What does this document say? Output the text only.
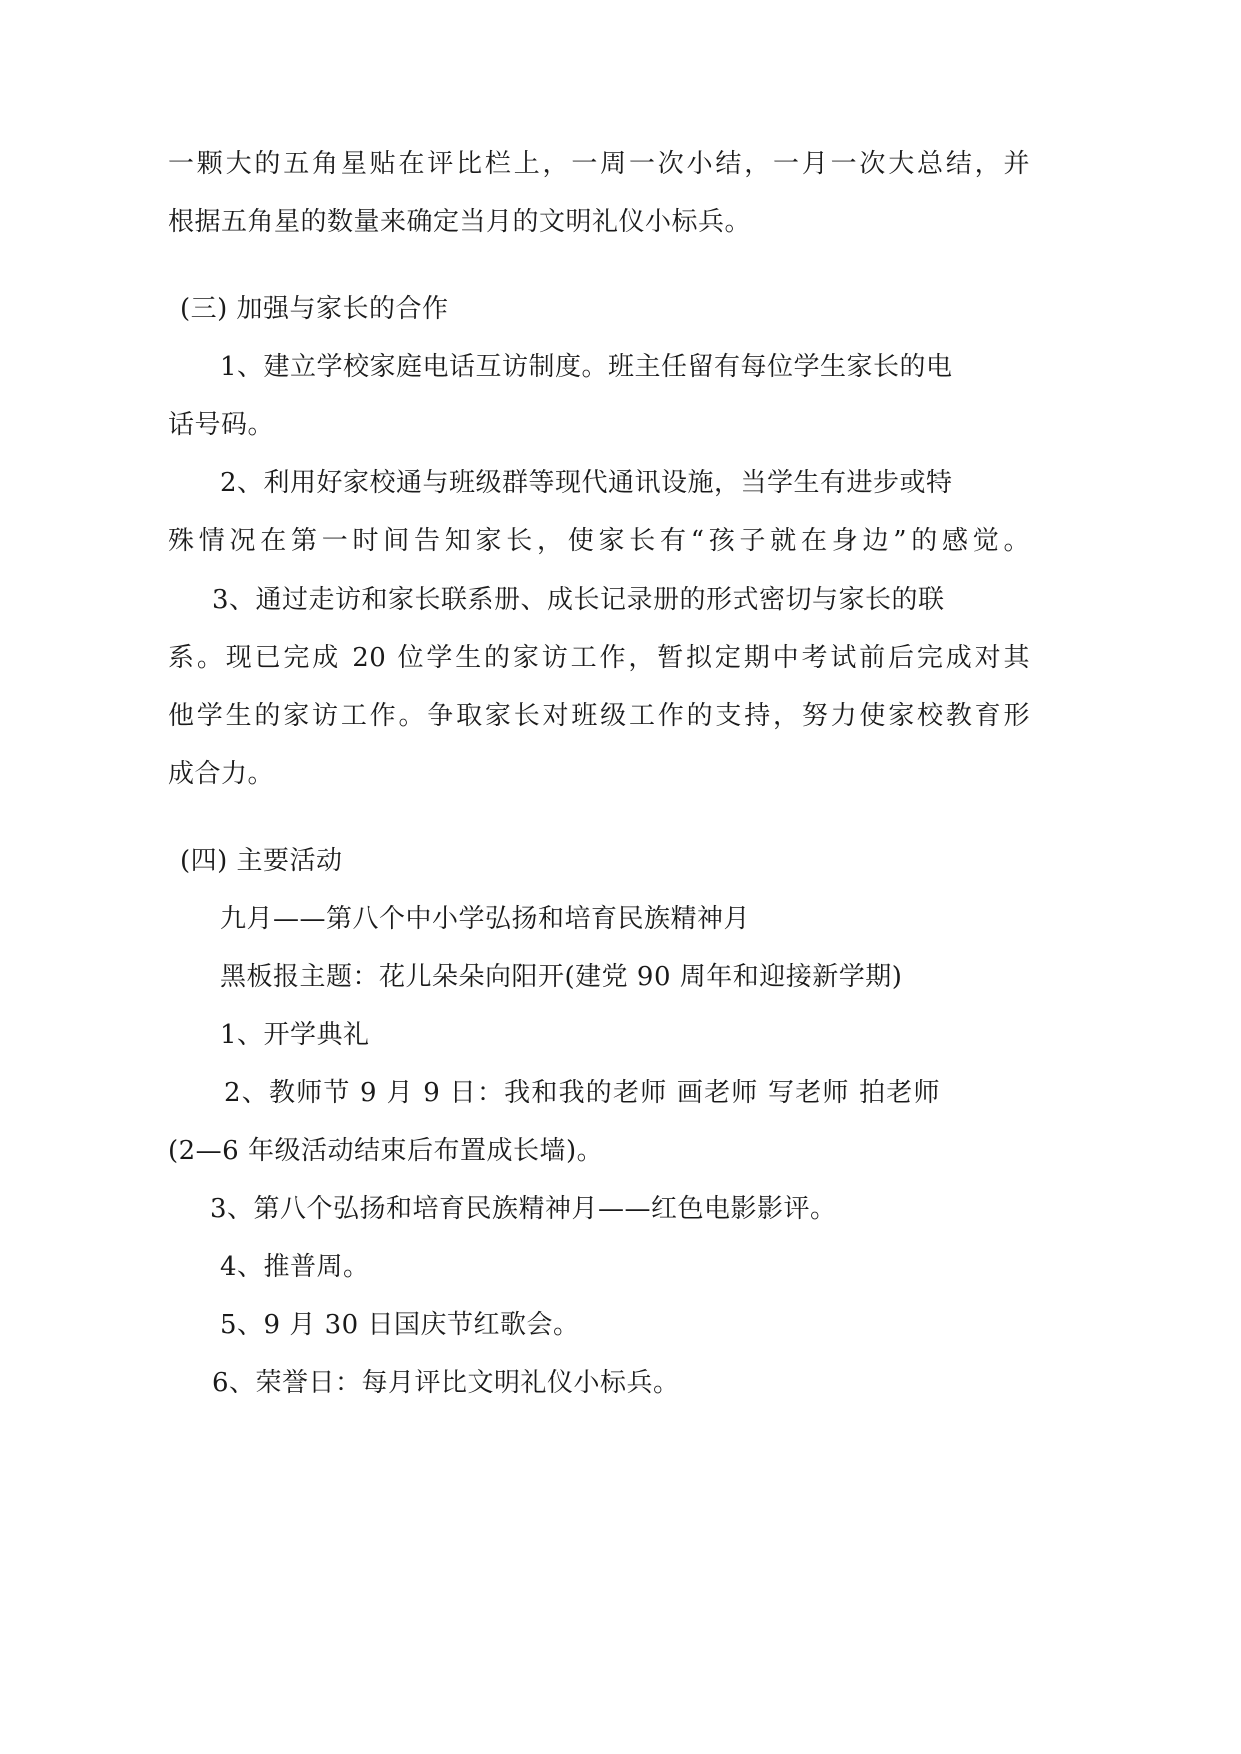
一颗大的五角星贴在评比栏上，一周一次小结，一月一次大总结，并
根据五角星的数量来确定当月的文明礼仪小标兵。
(三) 加强与家长的合作
1、建立学校家庭电话互访制度。班主任留有每位学生家长的电
话号码。
2、利用好家校通与班级群等现代通讯设施，当学生有进步或特
殊情况在第一时间告知家长，使家长有“孩子就在身边”的感觉。
3、通过走访和家长联系册、成长记录册的形式密切与家长的联
系。现已完成 20 位学生的家访工作，暂拟定期中考试前后完成对其
他学生的家访工作。争取家长对班级工作的支持，努力使家校教育形
成合力。
(四) 主要活动
九月——第八个中小学弘扬和培育民族精神月
黑板报主题：花儿朵朵向阳开(建党 90 周年和迎接新学期)
1、开学典礼
2、教师节 9 月 9 日：我和我的老师 画老师 写老师 拍老师
(2—6 年级活动结束后布置成长墙)。
3、第八个弘扬和培育民族精神月——红色电影影评。
4、推普周。
5、9 月 30 日国庆节红歌会。
6、荣誉日：每月评比文明礼仪小标兵。
